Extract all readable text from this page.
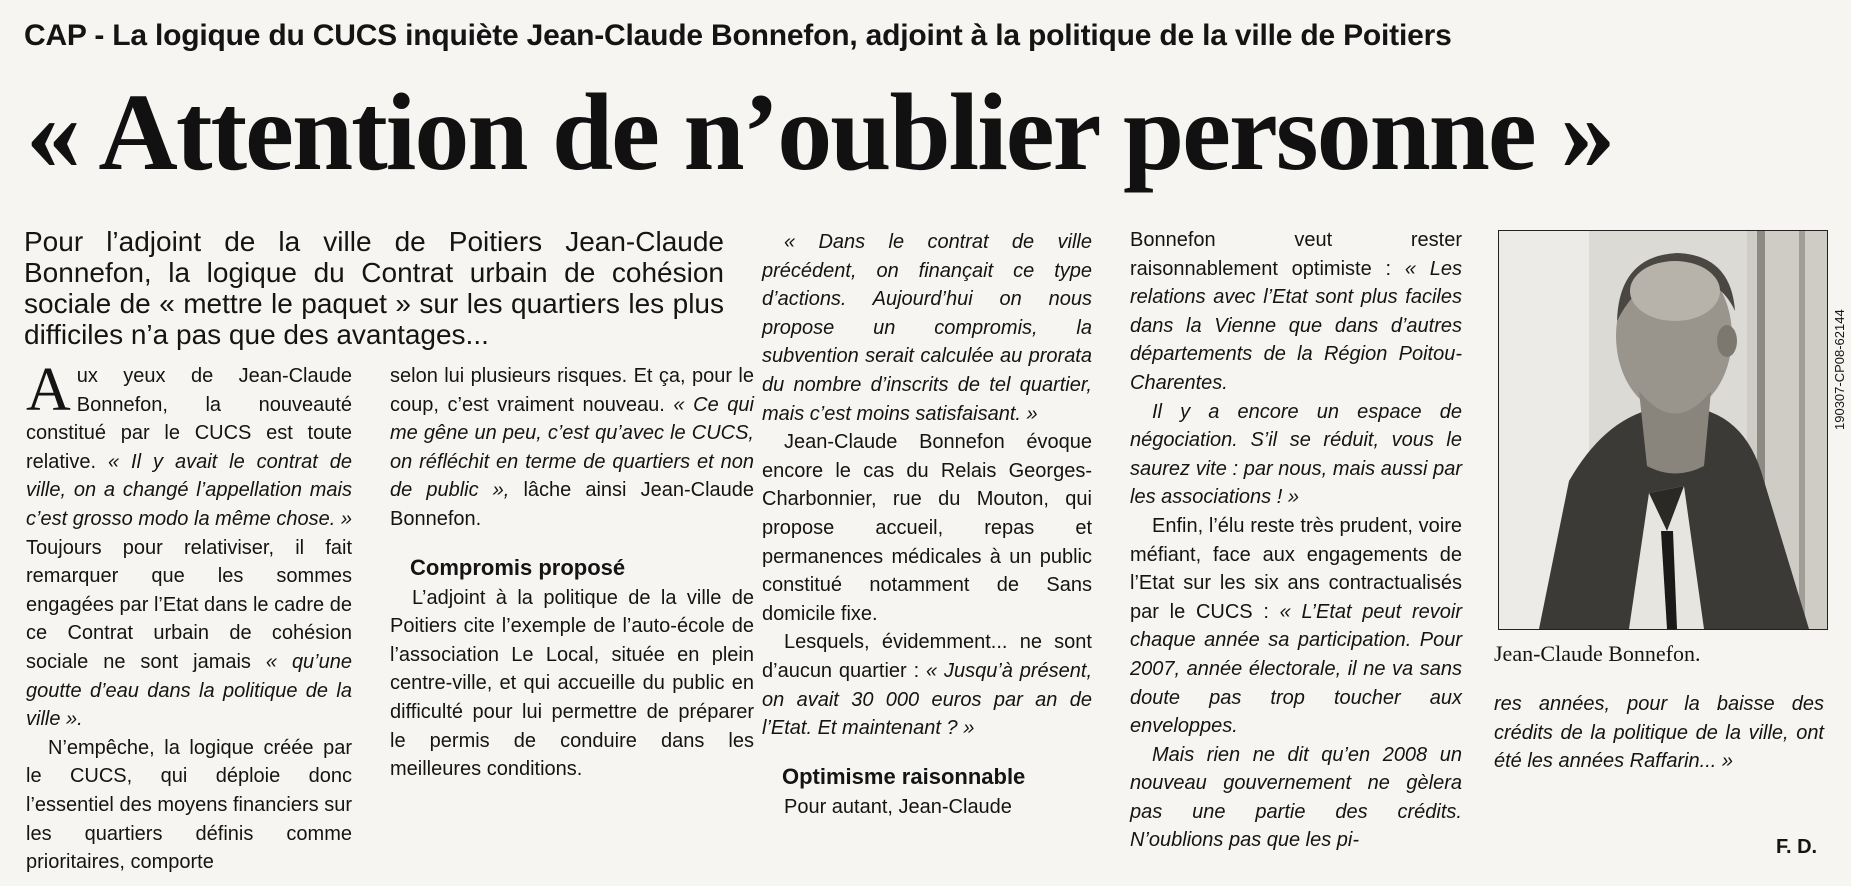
CAP - La logique du CUCS inquiète Jean-Claude Bonnefon, adjoint à la politique de la ville de Poitiers
« Attention de n’oublier personne »
Pour l’adjoint de la ville de Poitiers Jean-Claude Bonnefon, la logique du Contrat urbain de cohésion sociale de « mettre le paquet » sur les quartiers les plus difficiles n’a pas que des avantages...

Aux yeux de Jean-Claude Bonnefon, la nouveauté constitué par le CUCS est toute relative. « Il y avait le contrat de ville, on a changé l’appellation mais c’est grosso modo la même chose. » Toujours pour relativiser, il fait remarquer que les sommes engagées par l’Etat dans le cadre de ce Contrat urbain de cohésion sociale ne sont jamais « qu’une goutte d’eau dans la politique de la ville ».

N’empêche, la logique créée par le CUCS, qui déploie donc l’essentiel des moyens financiers sur les quartiers définis comme prioritaires, comporte

selon lui plusieurs risques. Et ça, pour le coup, c’est vraiment nouveau. « Ce qui me gêne un peu, c’est qu’avec le CUCS, on réfléchit en terme de quartiers et non de public », lâche ainsi Jean-Claude Bonnefon.

Compromis proposé

L’adjoint à la politique de la ville de Poitiers cite l’exemple de l’auto-école de l’association Le Local, située en plein centre-ville, et qui accueille du public en difficulté pour lui permettre de préparer le permis de conduire dans les meilleures conditions.

« Dans le contrat de ville précédent, on finançait ce type d’actions. Aujourd’hui on nous propose un compromis, la subvention serait calculée au prorata du nombre d’inscrits de tel quartier, mais c’est moins satisfaisant. »

Jean-Claude Bonnefon évoque encore le cas du Relais Georges-Charbonnier, rue du Mouton, qui propose accueil, repas et permanences médicales à un public constitué notamment de Sans domicile fixe.

Lesquels, évidemment... ne sont d’aucun quartier : « Jusqu’à présent, on avait 30 000 euros par an de l’Etat. Et maintenant ? »

Optimisme raisonnable

Pour autant, Jean-Claude

Bonnefon veut rester raisonnablement optimiste : « Les relations avec l’Etat sont plus faciles dans la Vienne que dans d’autres départements de la Région Poitou-Charentes.

Il y a encore un espace de négociation. S’il se réduit, vous le saurez vite : par nous, mais aussi par les associations ! »

Enfin, l’élu reste très prudent, voire méfiant, face aux engagements de l’Etat sur les six ans contractualisés par le CUCS : « L’Etat peut revoir chaque année sa participation. Pour 2007, année électorale, il ne va sans doute pas trop toucher aux enveloppes.

Mais rien ne dit qu’en 2008 un nouveau gouvernement ne gèlera pas une partie des crédits. N’oublions pas que les pi-

190307-CP08-62144
Jean-Claude Bonnefon.

res années, pour la baisse des crédits de la politique de la ville, ont été les années Raffarin... »

F. D.
